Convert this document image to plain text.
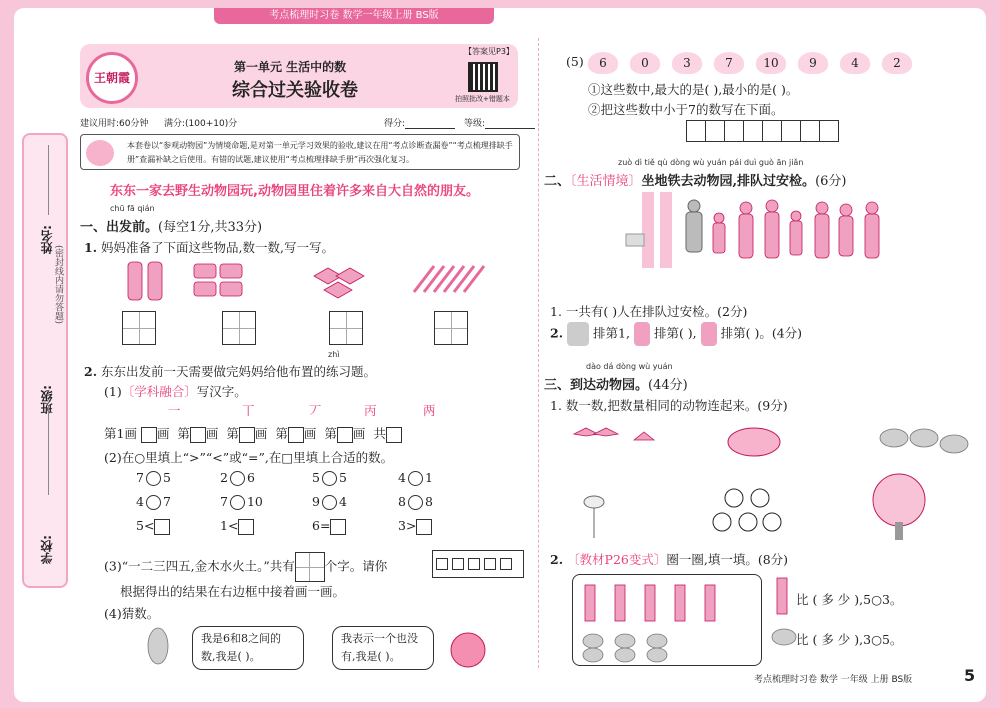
考点梳理时习卷 数学一年级上册 BS版
姓名:
(密封线内请勿答题)
班级:
学校:
王朝霞
【答案见P3】
第一单元 生活中的数
综合过关验收卷	拍照批改+错题本
建议用时:60分钟 满分:(100+10)分	得分:	等级:
本套卷以“参观动物园”为情境命题,是对第一单元学习效果的验收,建议在用“考点诊断查漏卷”“考点梳理排缺手册”查漏补缺之后使用。有错的试题,建议使用“考点梳理排缺手册”再次强化复习。
东东一家去野生动物园玩,动物园里住着许多来自大自然的朋友。
chū fā qián
一、出发前。(每空1分,共33分)
1. 妈妈准备了下面这些物品,数一数,写一写。
zhì
2. 东东出发前一天需要做完妈妈给他布置的练习题。
(1)〔学科融合〕写汉字。
一	丅	丆	丙	两
第1画 画 第 画 第 画 第 画 第 画 共
(2)在○里填上“>”“<”或“=”,在□里填上合适的数。
7 5	2 6	5 5	4 1
4 7	7 10	9 4	8 8
5<	1<	6=	3>
(3)“一二三四五,金木水火土。”共有 个字。请你
根据得出的结果在右边框中接着画一画。
(4)猜数。
我是6和8之间的数,我是( )。
我表示一个也没有,我是( )。
(5)	6	0	3	7	10	9	4	2
①这些数中,最大的是( ),最小的是( )。
②把这些数中小于7的数写在下面。
zuò dì tiě qù dòng wù yuán pái duì guò ān jiǎn
二、〔生活情境〕坐地铁去动物园,排队过安检。(6分)
1. 一共有( )人在排队过安检。(2分)
2. 排第1, 排第( ), 排第( )。(4分)
dào dá dòng wù yuán
三、到达动物园。(44分)
1. 数一数,把数量相同的动物连起来。(9分)
2. 〔教材P26变式〕圈一圈,填一填。(8分)
比 ( 多 少 ),5○3。
比 ( 多 少 ),3○5。
考点梳理时习卷 数学 一年级 上册 BS版	5
